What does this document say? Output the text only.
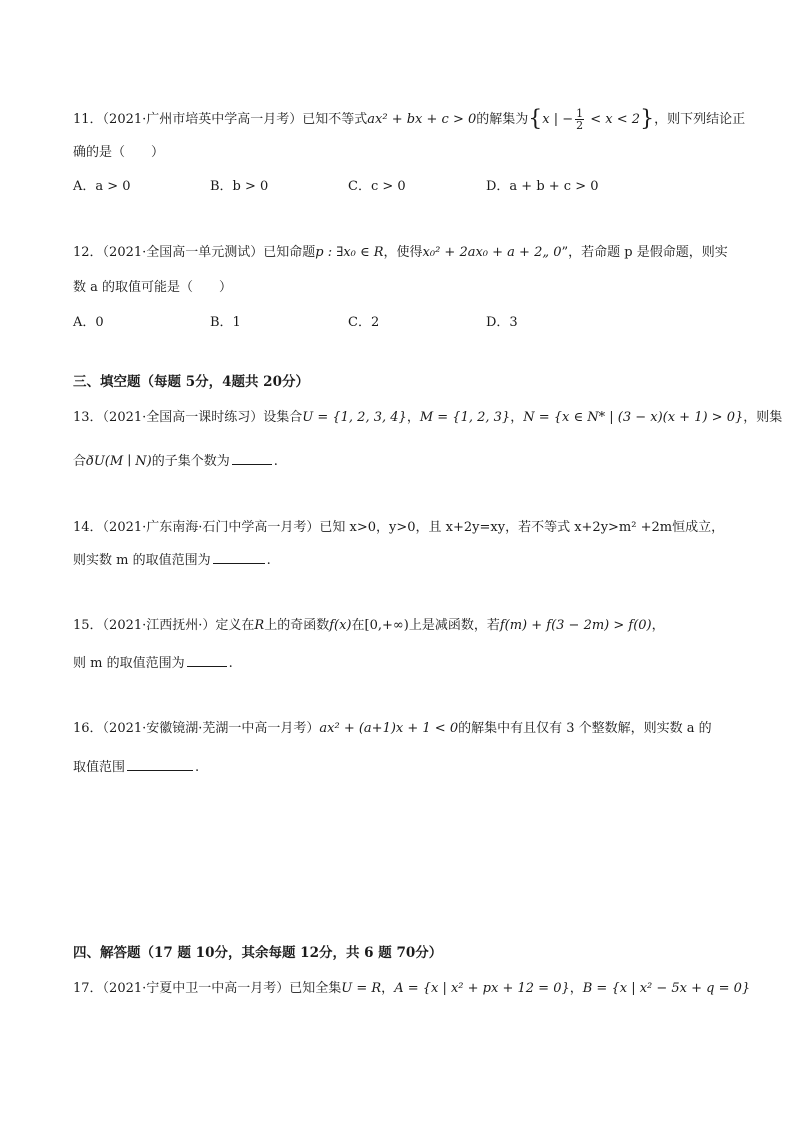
11．（2021·广州市培英中学高一月考）已知不等式ax² + bx + c > 0的解集为{x | − $\frac{1}{2} < x < 2$}，则下列结论正
确的是（　　）
A．a > 0	B．b > 0	C．c > 0	D．a + b + c > 0
12．（2021·全国高一单元测试）已知命题p : ∃x₀ ∈ R，使得x₀² + 2ax₀ + a + 2„ 0”，若命题 p 是假命题，则实
数 a 的取值可能是（　　）
A．0	B．1	C．2	D．3
三、填空题（每题 5分，4题共 20分）
13．（2021·全国高一课时练习）设集合U = {1, 2, 3, 4}，M = {1, 2, 3}，N = {x ∈ N* | (3 − x)(x + 1) > 0}，则集
合ðU(M ∣ N)的子集个数为	.
14．（2021·广东南海·石门中学高一月考）已知 x>0，y>0，且 x+2y=xy，若不等式 x+2y>m² +2m恒成立，
则实数 m 的取值范围为	.
15．（2021·江西抚州·）定义在R上的奇函数f(x)在[0,+∞)上是减函数，若f(m) + f(3 − 2m) > f(0)，
则 m 的取值范围为	.
16．（2021·安徽镜湖·芜湖一中高一月考）ax² + (a+1)x + 1 < 0的解集中有且仅有 3 个整数解，则实数 a 的
取值范围	.
四、解答题（17 题 10分，其余每题 12分，共 6 题 70分）
17．（2021·宁夏中卫一中高一月考）已知全集U = R，A = {x | x² + px + 12 = 0}，B = {x | x² − 5x + q = 0}
